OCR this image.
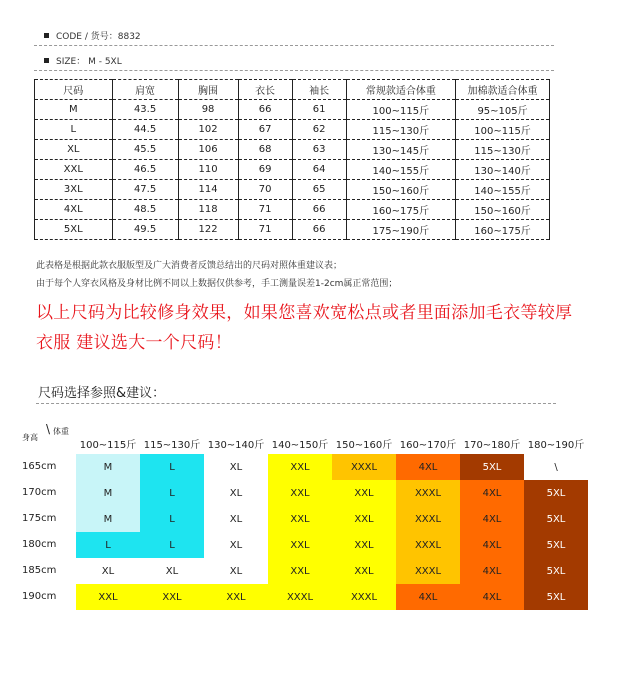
CODE / 货号：8832
SIZE： M - 5XL
尺码	肩宽	胸围	衣长	袖长	常规款适合体重	加棉款适合体重
M	43.5	98	66	61	100~115斤	95~105斤
L	44.5	102	67	62	115~130斤	100~115斤
XL	45.5	106	68	63	130~145斤	115~130斤
XXL	46.5	110	69	64	140~155斤	130~140斤
3XL	47.5	114	70	65	150~160斤	140~155斤
4XL	48.5	118	71	66	160~175斤	150~160斤
5XL	49.5	122	71	66	175~190斤	160~175斤
此表格是根据此款衣服版型及广大消费者反馈总结出的尺码对照体重建议表；
由于每个人穿衣风格及身材比例不同以上数据仅供参考，手工测量误差1-2cm属正常范围；
以上尺码为比较修身效果，如果您喜欢宽松点或者里面添加毛衣等较厚
衣服 建议选大一个尺码！
尺码选择参照&建议：
身高
\ 体重
100~115斤 115~130斤 130~140斤 140~150斤 150~160斤 160~170斤 170~180斤 180~190斤
165cm	M	L	XL	XXL	XXXL	4XL	5XL	\
170cm	M	L	XL	XXL	XXL	XXXL	4XL	5XL
175cm	M	L	XL	XXL	XXL	XXXL	4XL	5XL
180cm	L	L	XL	XXL	XXL	XXXL	4XL	5XL
185cm	XL	XL	XL	XXL	XXL	XXXL	4XL	5XL
190cm	XXL	XXL	XXL	XXXL	XXXL	4XL	4XL	5XL
